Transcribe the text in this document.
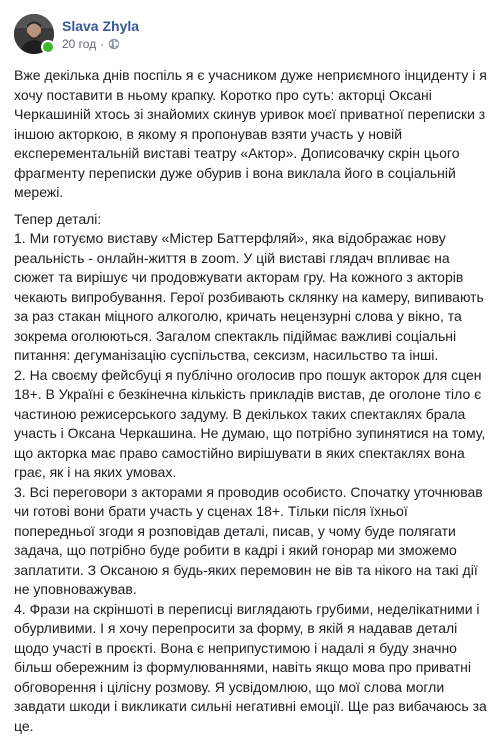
Slava Zhyla
20 год ·

Вже декілька днів поспіль я є учасником дуже неприємного інциденту і я хочу поставити в ньому крапку. Коротко про суть: акторці Оксані Черкашиній хтось зі знайомих скинув уривок моєї приватної переписки з іншою акторкою, в якому я пропонував взяти участь у новій експерементальній виставі театру «Актор». Дописовачку скрін цього фрагменту переписки дуже обурив і вона виклала його в соціальній мережі.

Тепер деталі:

1. Ми готуємо виставу «Містер Баттерфляй», яка відображає нову реальність - онлайн-життя в zoom. У цій виставі глядач впливає на сюжет та вирішує чи продовжувати акторам гру. На кожного з акторів чекають випробування. Герої розбивають склянку на камеру, випивають за раз стакан міцного алкоголю, кричать нецензурні слова у вікно, та зокрема оголюються. Загалом спектакль підіймає важливі соціальні питання: дегуманізацію суспільства, сексизм, насильство та інші.

2. На своєму фейсбуці я публічно оголосив про пошук акторок для сцен 18+. В Україні є безкінечна кількість прикладів вистав, де оголоне тіло є частиною режисерського задуму. В декількох таких спектаклях брала участь і Оксана Черкашина. Не думаю, що потрібно зупинятися на тому, що акторка має право самостійно вирішувати в яких спектаклях вона грає, як і на яких умовах.

3. Всі переговори з акторами я проводив особисто. Спочатку уточнював чи готові вони брати участь у сценах 18+. Тільки після їхньої попередньої згоди я розповідав деталі, писав, у чому буде полягати задача, що потрібно буде робити в кадрі і який гонорар ми зможемо заплатити. З Оксаною я будь-яких перемовин не вів та нікого на такі дії не уповноважував.

4. Фрази на скріншоті в переписці виглядають грубими, неделікатними і обурливими. І я хочу перепросити за форму, в якій я надавав деталі щодо участі в проєкті. Вона є неприпустимою і надалі я буду значно більш обережним із формулюваннями, навіть якщо мова про приватні обговорення і цілісну розмову. Я усвідомлюю, що мої слова могли завдати шкоди і викликати сильні негативні емоції. Ще раз вибачаюсь за це.
